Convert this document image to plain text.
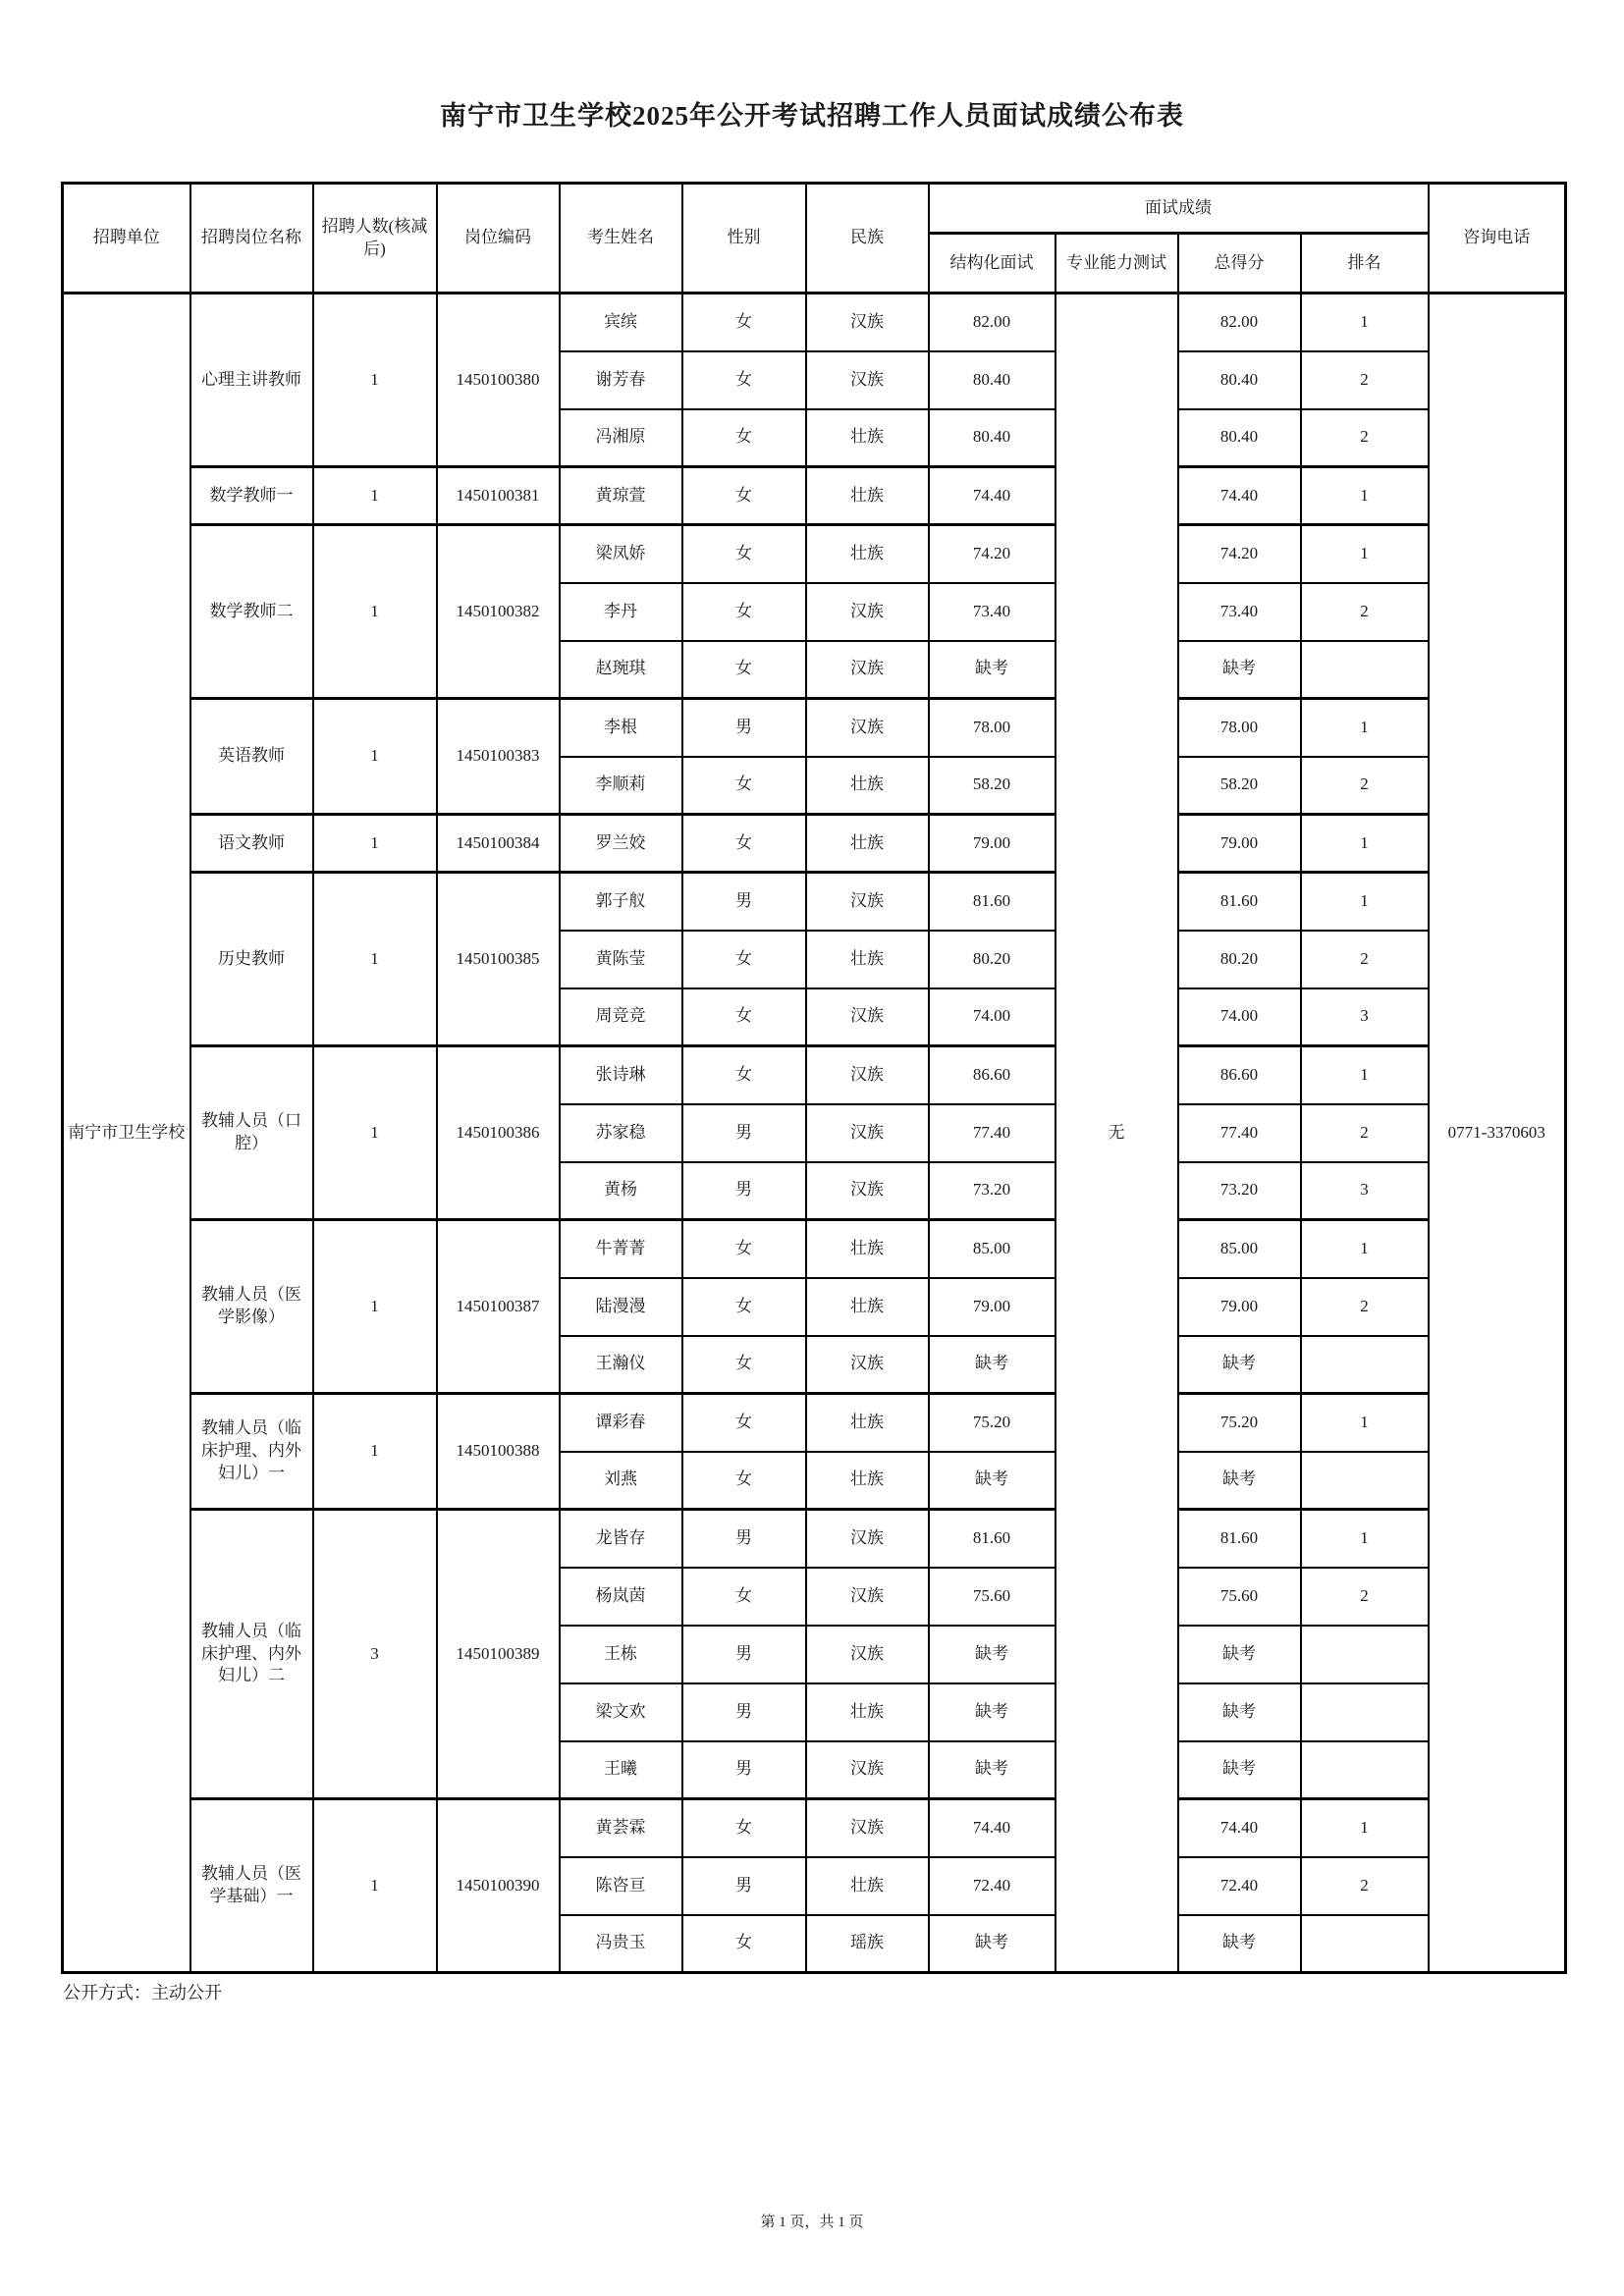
南宁市卫生学校2025年公开考试招聘工作人员面试成绩公布表
招聘单位	招聘岗位名称	招聘人数(核减后)	岗位编码	考生姓名	性别	民族	面试成绩				咨询电话
							结构化面试	专业能力测试	总得分	排名	
南宁市卫生学校	心理主讲教师	1	1450100380	宾缤	女	汉族	82.00	无	82.00	1	0771-3370603
				谢芳春	女	汉族	80.40		80.40	2	
				冯湘原	女	壮族	80.40		80.40	2	
	数学教师一	1	1450100381	黄琼萱	女	壮族	74.40		74.40	1	
	数学教师二	1	1450100382	梁凤娇	女	壮族	74.20		74.20	1	
				李丹	女	汉族	73.40		73.40	2	
				赵琬琪	女	汉族	缺考		缺考		
	英语教师	1	1450100383	李根	男	汉族	78.00		78.00	1	
				李顺莉	女	壮族	58.20		58.20	2	
	语文教师	1	1450100384	罗兰姣	女	壮族	79.00		79.00	1	
	历史教师	1	1450100385	郭子舣	男	汉族	81.60		81.60	1	
				黄陈莹	女	壮族	80.20		80.20	2	
				周竞竞	女	汉族	74.00		74.00	3	
	教辅人员（口腔）	1	1450100386	张诗琳	女	汉族	86.60		86.60	1	
				苏家稳	男	汉族	77.40		77.40	2	
				黄杨	男	汉族	73.20		73.20	3	
	教辅人员（医学影像）	1	1450100387	牛菁菁	女	壮族	85.00		85.00	1	
				陆漫漫	女	壮族	79.00		79.00	2	
				王瀚仪	女	汉族	缺考		缺考		
	教辅人员（临床护理、内外妇儿）一	1	1450100388	谭彩春	女	壮族	75.20		75.20	1	
				刘燕	女	壮族	缺考		缺考		
	教辅人员（临床护理、内外妇儿）二	3	1450100389	龙皆存	男	汉族	81.60		81.60	1	
				杨岚茵	女	汉族	75.60		75.60	2	
				王栋	男	汉族	缺考		缺考		
				梁文欢	男	壮族	缺考		缺考		
				王曦	男	汉族	缺考		缺考		
	教辅人员（医学基础）一	1	1450100390	黄荟霖	女	汉族	74.40		74.40	1	
				陈咨亘	男	壮族	72.40		72.40	2	
				冯贵玉	女	瑶族	缺考		缺考		
公开方式：主动公开
第 1 页，共 1 页
